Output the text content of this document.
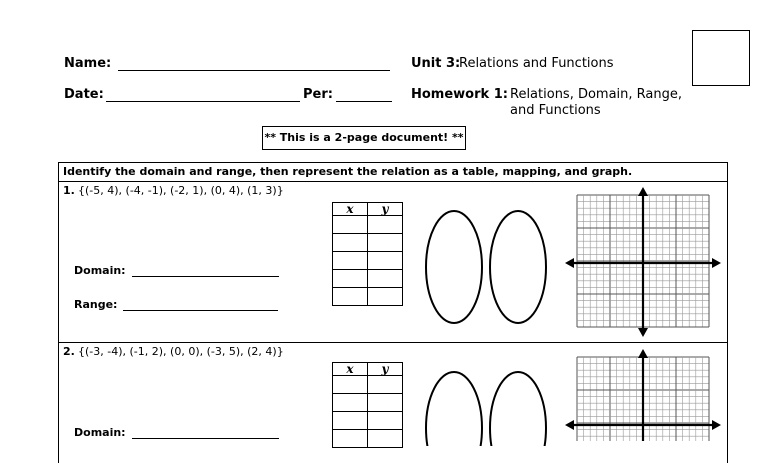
Name:
Date:	Per:
Unit 3:
Relations and Functions
Homework 1: Relations, Domain, Range,
and Functions
** This is a 2-page document! **
Identify the domain and range, then represent the relation as a table, mapping, and graph.
1. {(-5, 4), (-4, -1), (-2, 1), (0, 4), (1, 3)}
Domain:
Range:
x	y

2. {(-3, -4), (-1, 2), (0, 0), (-3, 5), (2, 4)}
Domain:
x	y
